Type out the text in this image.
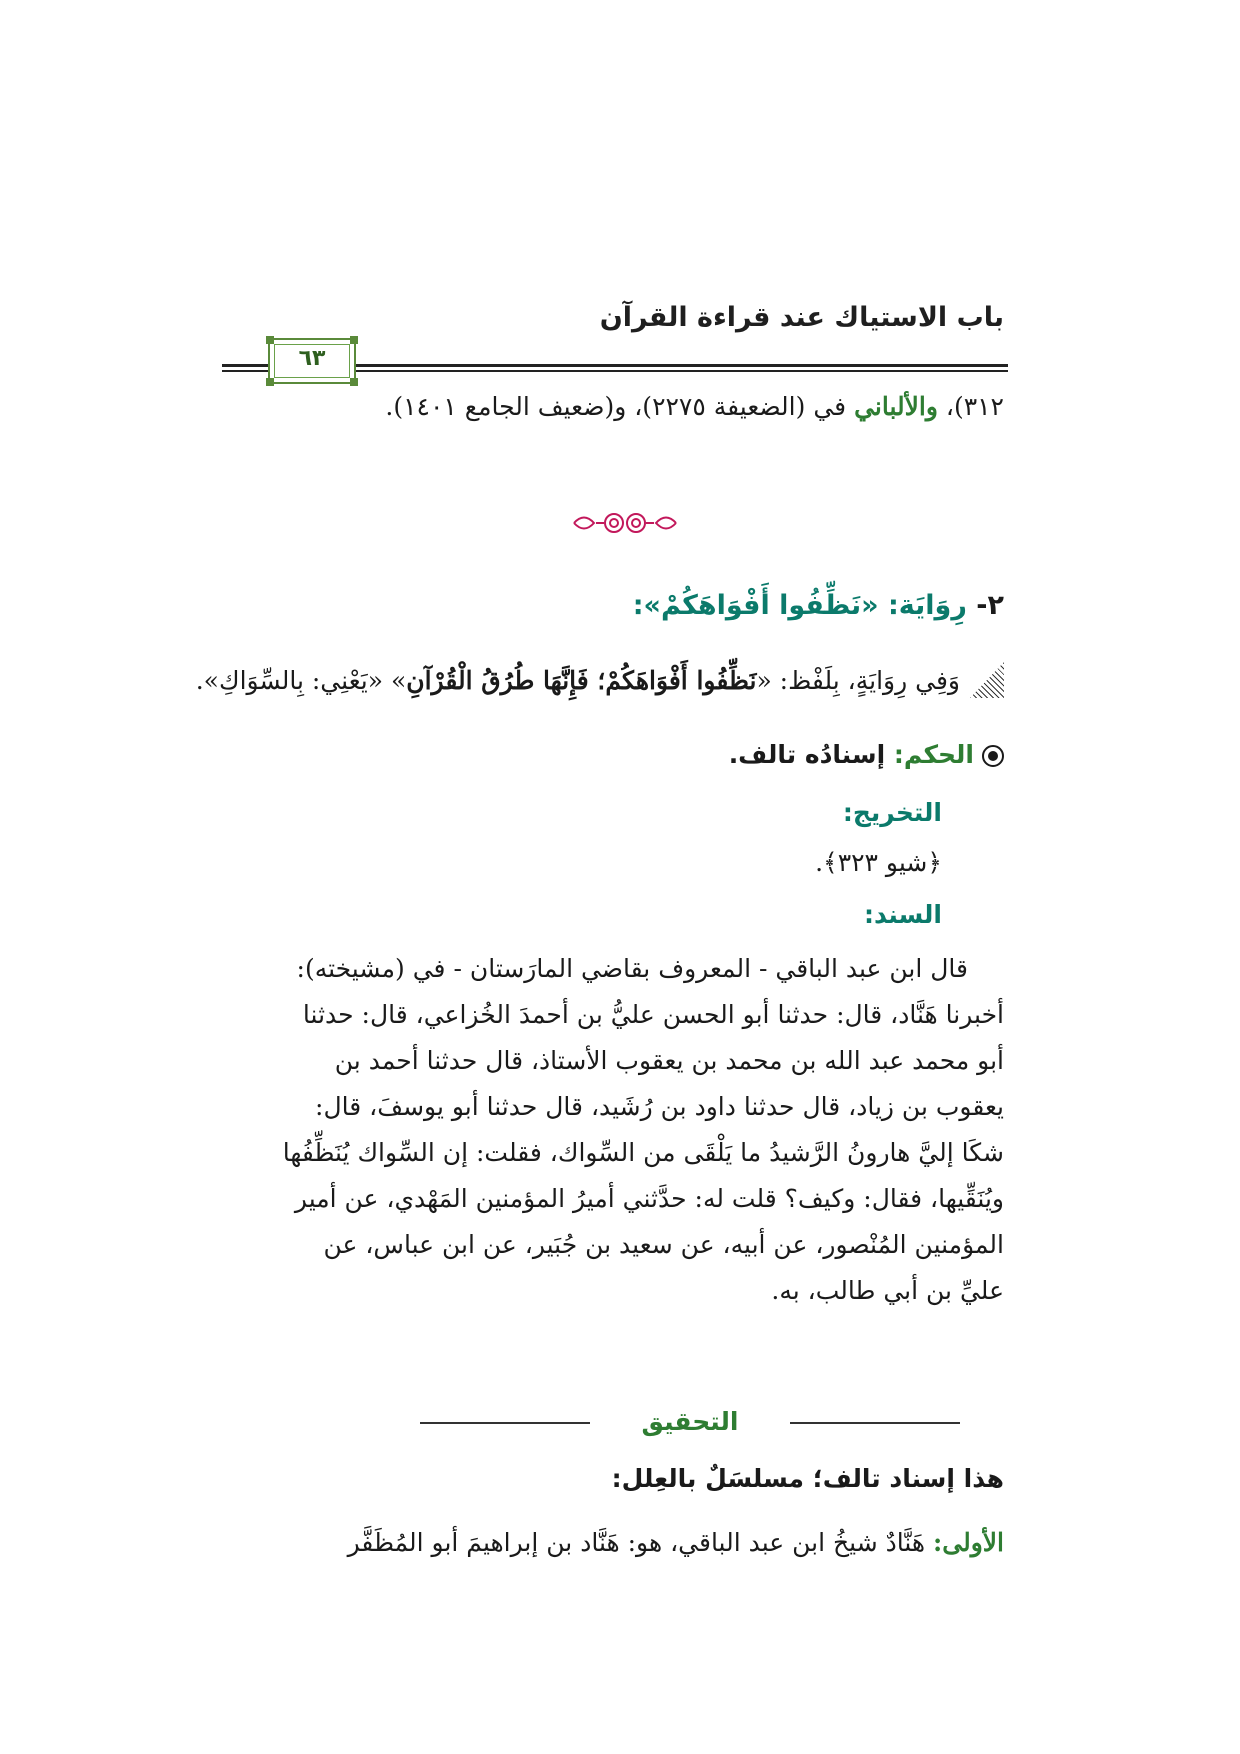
باب الاستياك عند قراءة القرآن
٦٣
٣١٢)، والألباني في (الضعيفة ٢٢٧٥)، و(ضعيف الجامع ١٤٠١).
٢- رِوَايَة: «نَظِّفُوا أَفْوَاهَكُمْ»:
وَفِي رِوَايَةٍ، بِلَفْظ: «نَظِّفُوا أَفْوَاهَكُمْ؛ فَإِنَّهَا طُرُقُ الْقُرْآنِ» «يَعْنِي: بِالسِّوَاكِ».
الحكم: إسنادُه تالف.
التخريج:
﴿شيو ٣٢٣﴾.
السند:

قال ابن عبد الباقي - المعروف بقاضي المارَستان - في (مشيخته):

أخبرنا هَنَّاد، قال: حدثنا أبو الحسن عليُّ بن أحمدَ الخُزاعي، قال: حدثنا

أبو محمد عبد الله بن محمد بن يعقوب الأستاذ، قال حدثنا أحمد بن

يعقوب بن زياد، قال حدثنا داود بن رُشَيد، قال حدثنا أبو يوسفَ، قال:

شكَا إليَّ هارونُ الرَّشيدُ ما يَلْقَى من السِّواك، فقلت: إن السِّواك يُنَظِّفُها

ويُنَقِّيها، فقال: وكيف؟ قلت له: حدَّثني أميرُ المؤمنين المَهْدي، عن أمير

المؤمنين المُنْصور، عن أبيه، عن سعيد بن جُبَير، عن ابن عباس، عن

عليِّ بن أبي طالب، به.

التحقيق
هذا إسناد تالف؛ مسلسَلٌ بالعِلل:
الأولى: هَنَّادٌ شيخُ ابن عبد الباقي، هو: هَنَّاد بن إبراهيمَ أبو المُظَفَّر
